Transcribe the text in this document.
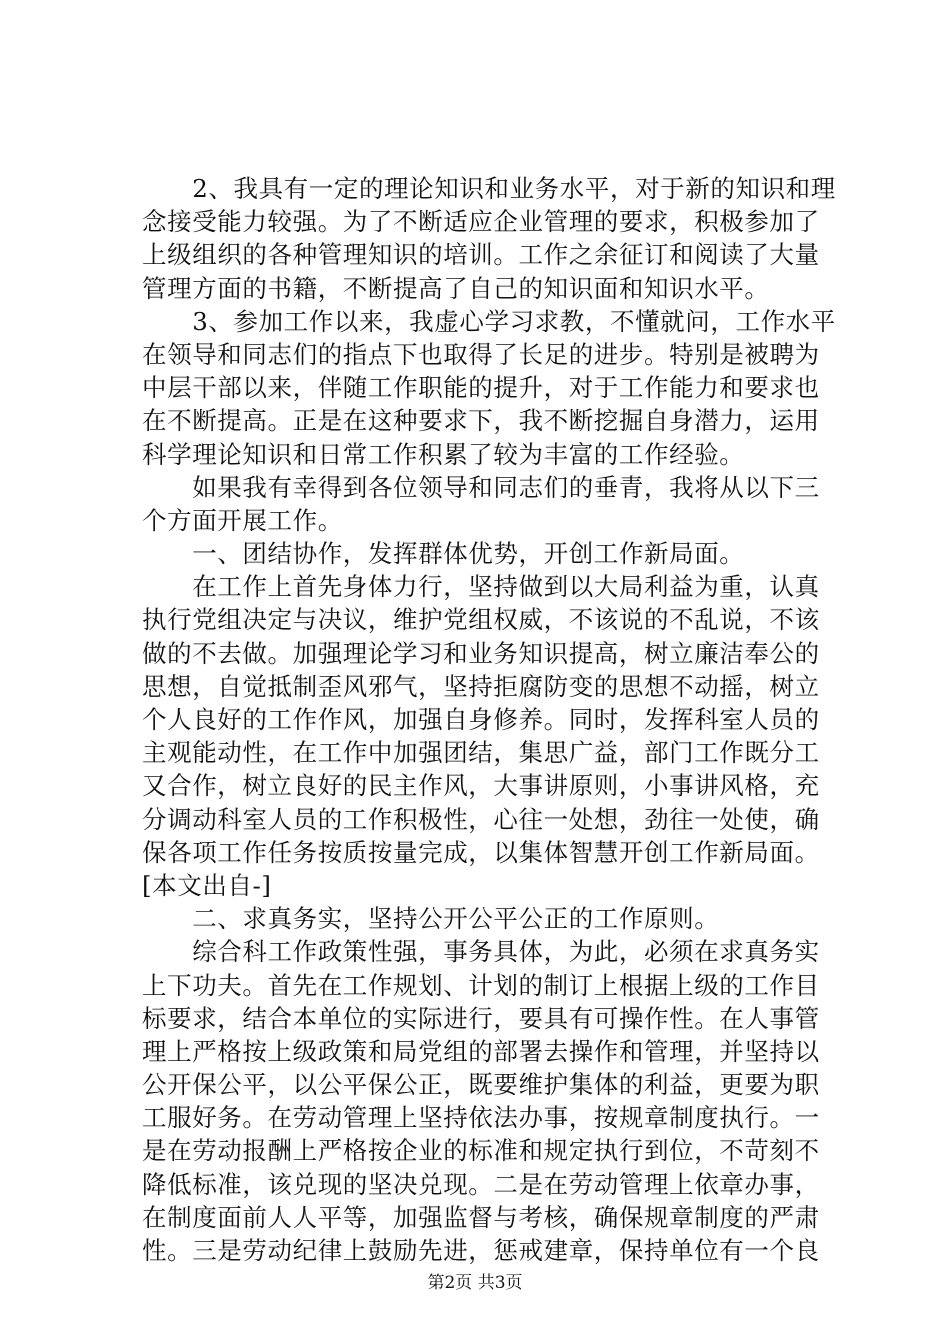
　　2、我具有一定的理论知识和业务水平，对于新的知识和理
念接受能力较强。为了不断适应企业管理的要求，积极参加了
上级组织的各种管理知识的培训。工作之余征订和阅读了大量
管理方面的书籍，不断提高了自己的知识面和知识水平。
　　3、参加工作以来，我虚心学习求教，不懂就问，工作水平
在领导和同志们的指点下也取得了长足的进步。特别是被聘为
中层干部以来，伴随工作职能的提升，对于工作能力和要求也
在不断提高。正是在这种要求下，我不断挖掘自身潜力，运用
科学理论知识和日常工作积累了较为丰富的工作经验。
　　如果我有幸得到各位领导和同志们的垂青，我将从以下三
个方面开展工作。
　　一、团结协作，发挥群体优势，开创工作新局面。
　　在工作上首先身体力行，坚持做到以大局利益为重，认真
执行党组决定与决议，维护党组权威，不该说的不乱说，不该
做的不去做。加强理论学习和业务知识提高，树立廉洁奉公的
思想，自觉抵制歪风邪气，坚持拒腐防变的思想不动摇，树立
个人良好的工作作风，加强自身修养。同时，发挥科室人员的
主观能动性，在工作中加强团结，集思广益，部门工作既分工
又合作，树立良好的民主作风，大事讲原则，小事讲风格，充
分调动科室人员的工作积极性，心往一处想，劲往一处使，确
保各项工作任务按质按量完成，以集体智慧开创工作新局面。
[本文出自-]
　　二、求真务实，坚持公开公平公正的工作原则。
　　综合科工作政策性强，事务具体，为此，必须在求真务实
上下功夫。首先在工作规划、计划的制订上根据上级的工作目
标要求，结合本单位的实际进行，要具有可操作性。在人事管
理上严格按上级政策和局党组的部署去操作和管理，并坚持以
公开保公平，以公平保公正，既要维护集体的利益，更要为职
工服好务。在劳动管理上坚持依法办事，按规章制度执行。一
是在劳动报酬上严格按企业的标准和规定执行到位，不苛刻不
降低标准，该兑现的坚决兑现。二是在劳动管理上依章办事，
在制度面前人人平等，加强监督与考核，确保规章制度的严肃
性。三是劳动纪律上鼓励先进，惩戒建章，保持单位有一个良
第2页 共3页
